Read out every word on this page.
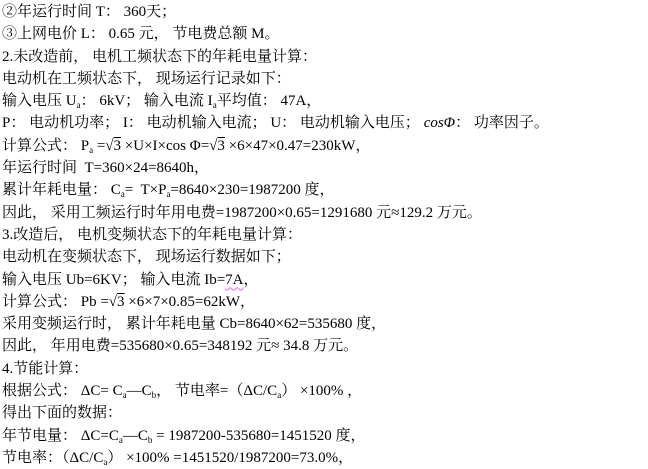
②年运行时间 T： 360天；
③上网电价 L： 0.65 元， 节电费总额 M。
2.未改造前， 电机工频状态下的年耗电量计算：
电动机在工频状态下， 现场运行记录如下：
输入电压 $U_a$： 6kV； 输入电流 $I_a$平均值： 47A，
P： 电动机功率； I： 电动机输入电流； U： 电动机输入电压； cosΦ： 功率因子。
计算公式： $P_a =√3 \times U\times I\times\cos$ Φ=√3 ×6×47×0.47=230kW，
年运行时间  T=360×24=8640h，
累计年耗电量： $C_a= T\times P_a=8640\times 230=1987200$ 度，
因此， 采用工频运行时年用电费=1987200×0.65=1291680 元≈129.2 万元。
3.改造后， 电机变频状态下的年耗电量计算：
电动机在变频状态下， 现场运行数据如下；
输入电压 Ub=6KV； 输入电流 Ib=7A，
计算公式： Pb =√3 ×6×7×0.85=62kW，
采用变频运行时， 累计年耗电量 Cb=8640×62=535680 度，
因此， 年用电费=535680×0.65=348192 元≈ 34.8 万元。
4.节能计算：
根据公式： $\Delta C= C_a—C_b$， 节电率$=(\Delta C/C_a) \times 100\%$ ，
得出下面的数据：
年节电量： $\Delta C=C_a—C_b = 1987200-535680=1451520$ 度，
节电率：$(\Delta C/C_a) \times 100\% =1451520/1987200=73.0\%$，
